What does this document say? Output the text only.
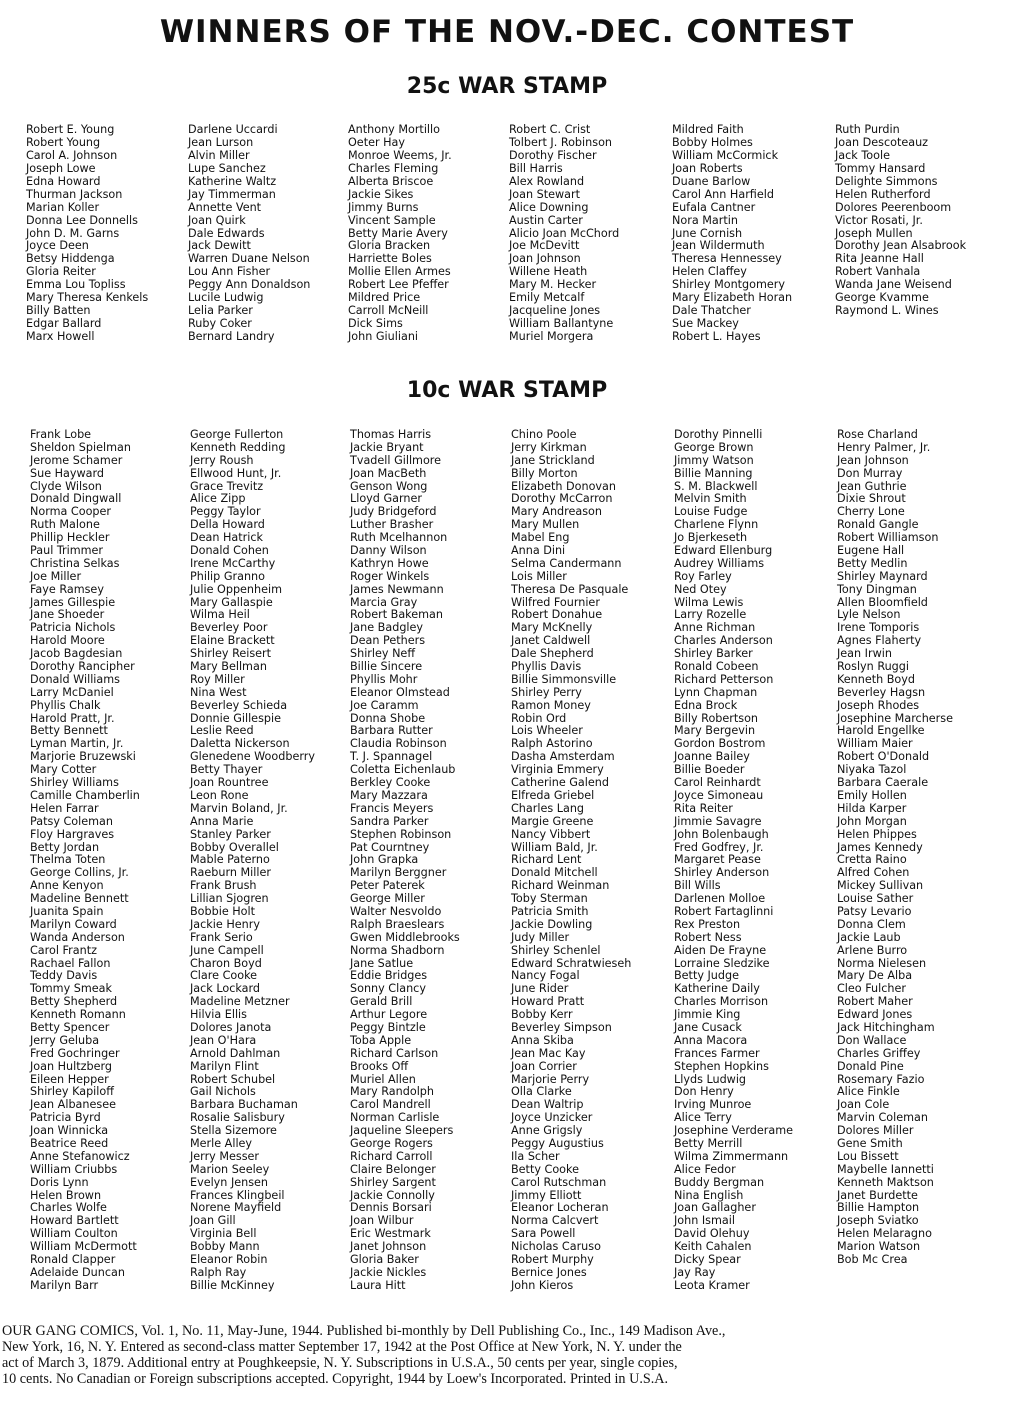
WINNERS OF THE NOV.-DEC. CONTEST
25c WAR STAMP
Robert E. Young
Robert Young
Carol A. Johnson
Joseph Lowe
Edna Howard
Thurman Jackson
Marian Koller
Donna Lee Donnells
John D. M. Garns
Joyce Deen
Betsy Hiddenga
Gloria Reiter
Emma Lou Topliss
Mary Theresa Kenkels
Billy Batten
Edgar Ballard
Marx Howell
Darlene Uccardi
Jean Lurson
Alvin Miller
Lupe Sanchez
Katherine Waltz
Jay Timmerman
Annette Vent
Joan Quirk
Dale Edwards
Jack Dewitt
Warren Duane Nelson
Lou Ann Fisher
Peggy Ann Donaldson
Lucile Ludwig
Lelia Parker
Ruby Coker
Bernard Landry
Anthony Mortillo
Oeter Hay
Monroe Weems, Jr.
Charles Fleming
Alberta Briscoe
Jackie Sikes
Jimmy Burns
Vincent Sample
Betty Marie Avery
Gloria Bracken
Harriette Boles
Mollie Ellen Armes
Robert Lee Pfeffer
Mildred Price
Carroll McNeill
Dick Sims
John Giuliani
Robert C. Crist
Tolbert J. Robinson
Dorothy Fischer
Bill Harris
Alex Rowland
Joan Stewart
Alice Downing
Austin Carter
Alicio Joan McChord
Joe McDevitt
Joan Johnson
Willene Heath
Mary M. Hecker
Emily Metcalf
Jacqueline Jones
William Ballantyne
Muriel Morgera
Mildred Faith
Bobby Holmes
William McCormick
Joan Roberts
Duane Barlow
Carol Ann Harfield
Eufala Cantner
Nora Martin
June Cornish
Jean Wildermuth
Theresa Hennessey
Helen Claffey
Shirley Montgomery
Mary Elizabeth Horan
Dale Thatcher
Sue Mackey
Robert L. Hayes
Ruth Purdin
Joan Descoteauz
Jack Toole
Tommy Hansard
Delighte Simmons
Helen Rutherford
Dolores Peerenboom
Victor Rosati, Jr.
Joseph Mullen
Dorothy Jean Alsabrook
Rita Jeanne Hall
Robert Vanhala
Wanda Jane Weisend
George Kvamme
Raymond L. Wines
10c WAR STAMP
Frank Lobe
Sheldon Spielman
Jerome Schamer
Sue Hayward
Clyde Wilson
Donald Dingwall
Norma Cooper
Ruth Malone
Phillip Heckler
Paul Trimmer
Christina Selkas
Joe Miller
Faye Ramsey
James Gillespie
Jane Shoeder
Patricia Nichols
Harold Moore
Jacob Bagdesian
Dorothy Rancipher
Donald Williams
Larry McDaniel
Phyllis Chalk
Harold Pratt, Jr.
Betty Bennett
Lyman Martin, Jr.
Marjorie Bruzewski
Mary Cotter
Shirley Williams
Camille Chamberlin
Helen Farrar
Patsy Coleman
Floy Hargraves
Betty Jordan
Thelma Toten
George Collins, Jr.
Anne Kenyon
Madeline Bennett
Juanita Spain
Marilyn Coward
Wanda Anderson
Carol Frantz
Rachael Fallon
Teddy Davis
Tommy Smeak
Betty Shepherd
Kenneth Romann
Betty Spencer
Jerry Geluba
Fred Gochringer
Joan Hultzberg
Eileen Hepper
Shirley Kapiloff
Jean Albanesee
Patricia Byrd
Joan Winnicka
Beatrice Reed
Anne Stefanowicz
William Criubbs
Doris Lynn
Helen Brown
Charles Wolfe
Howard Bartlett
William Coulton
William McDermott
Ronald Clapper
Adelaide Duncan
Marilyn Barr
George Fullerton
Kenneth Redding
Jerry Roush
Ellwood Hunt, Jr.
Grace Trevitz
Alice Zipp
Peggy Taylor
Della Howard
Dean Hatrick
Donald Cohen
Irene McCarthy
Philip Granno
Julie Oppenheim
Mary Gallaspie
Wilma Heil
Beverley Poor
Elaine Brackett
Shirley Reisert
Mary Bellman
Roy Miller
Nina West
Beverley Schieda
Donnie Gillespie
Leslie Reed
Daletta Nickerson
Glenedene Woodberry
Betty Thayer
Joan Rountree
Leon Rone
Marvin Boland, Jr.
Anna Marie
Stanley Parker
Bobby Overallel
Mable Paterno
Raeburn Miller
Frank Brush
Lillian Sjogren
Bobbie Holt
Jackie Henry
Frank Serio
June Campell
Charon Boyd
Clare Cooke
Jack Lockard
Madeline Metzner
Hilvia Ellis
Dolores Janota
Jean O'Hara
Arnold Dahlman
Marilyn Flint
Robert Schubel
Gail Nichols
Barbara Buchaman
Rosalie Salisbury
Stella Sizemore
Merle Alley
Jerry Messer
Marion Seeley
Evelyn Jensen
Frances Klingbeil
Norene Mayfield
Joan Gill
Virginia Bell
Bobby Mann
Eleanor Robin
Ralph Ray
Billie McKinney
Thomas Harris
Jackie Bryant
Tvadell Gillmore
Joan MacBeth
Genson Wong
Lloyd Garner
Judy Bridgeford
Luther Brasher
Ruth Mcelhannon
Danny Wilson
Kathryn Howe
Roger Winkels
James Newmann
Marcia Gray
Robert Bakeman
Jane Badgley
Dean Pethers
Shirley Neff
Billie Sincere
Phyllis Mohr
Eleanor Olmstead
Joe Caramm
Donna Shobe
Barbara Rutter
Claudia Robinson
T. J. Spannagel
Coletta Eichenlaub
Berkley Cooke
Mary Mazzara
Francis Meyers
Sandra Parker
Stephen Robinson
Pat Courntney
John Grapka
Marilyn Berggner
Peter Paterek
George Miller
Walter Nesvoldo
Ralph Braeslears
Gwen Middlebrooks
Norma Shadborn
Jane Satlue
Eddie Bridges
Sonny Clancy
Gerald Brill
Arthur Legore
Peggy Bintzle
Toba Apple
Richard Carlson
Brooks Off
Muriel Allen
Mary Randolph
Carol Mandrell
Norman Carlisle
Jaqueline Sleepers
George Rogers
Richard Carroll
Claire Belonger
Shirley Sargent
Jackie Connolly
Dennis Borsari
Joan Wilbur
Eric Westmark
Janet Johnson
Gloria Baker
Jackie Nickles
Laura Hitt
Chino Poole
Jerry Kirkman
Jane Strickland
Billy Morton
Elizabeth Donovan
Dorothy McCarron
Mary Andreason
Mary Mullen
Mabel Eng
Anna Dini
Selma Candermann
Lois Miller
Theresa De Pasquale
Wilfred Fournier
Robert Donahue
Mary McKnelly
Janet Caldwell
Dale Shepherd
Phyllis Davis
Billie Simmonsville
Shirley Perry
Ramon Money
Robin Ord
Lois Wheeler
Ralph Astorino
Dasha Amsterdam
Virginia Emmery
Catherine Galend
Elfreda Griebel
Charles Lang
Margie Greene
Nancy Vibbert
William Bald, Jr.
Richard Lent
Donald Mitchell
Richard Weinman
Toby Sterman
Patricia Smith
Jackie Dowling
Judy Miller
Shirley Schenlel
Edward Schratwieseh
Nancy Fogal
June Rider
Howard Pratt
Bobby Kerr
Beverley Simpson
Anna Skiba
Jean Mac Kay
Joan Corrier
Marjorie Perry
Olla Clarke
Dean Waltrip
Joyce Unzicker
Anne Grigsly
Peggy Augustius
Ila Scher
Betty Cooke
Carol Rutschman
Jimmy Elliott
Eleanor Locheran
Norma Calcvert
Sara Powell
Nicholas Caruso
Robert Murphy
Bernice Jones
John Kieros
Dorothy Pinnelli
George Brown
Jimmy Watson
Billie Manning
S. M. Blackwell
Melvin Smith
Louise Fudge
Charlene Flynn
Jo Bjerkeseth
Edward Ellenburg
Audrey Williams
Roy Farley
Ned Otey
Wilma Lewis
Larry Rozelle
Anne Richman
Charles Anderson
Shirley Barker
Ronald Cobeen
Richard Petterson
Lynn Chapman
Edna Brock
Billy Robertson
Mary Bergevin
Gordon Bostrom
Joanne Bailey
Billie Boeder
Carol Reinhardt
Joyce Simoneau
Rita Reiter
Jimmie Savagre
John Bolenbaugh
Fred Godfrey, Jr.
Margaret Pease
Shirley Anderson
Bill Wills
Darlenen Molloe
Robert Fartaglinni
Rex Preston
Robert Ness
Aiden De Frayne
Lorraine Sledzike
Betty Judge
Katherine Daily
Charles Morrison
Jimmie King
Jane Cusack
Anna Macora
Frances Farmer
Stephen Hopkins
Llyds Ludwig
Don Henry
Irving Munroe
Alice Terry
Josephine Verderame
Betty Merrill
Wilma Zimmermann
Alice Fedor
Buddy Bergman
Nina English
Joan Gallagher
John Ismail
David Olehuy
Keith Cahalen
Dicky Spear
Jay Ray
Leota Kramer
Rose Charland
Henry Palmer, Jr.
Jean Johnson
Don Murray
Jean Guthrie
Dixie Shrout
Cherry Lone
Ronald Gangle
Robert Williamson
Eugene Hall
Betty Medlin
Shirley Maynard
Tony Dingman
Allen Bloomfield
Lyle Nelson
Irene Tomporis
Agnes Flaherty
Jean Irwin
Roslyn Ruggi
Kenneth Boyd
Beverley Hagsn
Joseph Rhodes
Josephine Marcherse
Harold Engellke
William Maier
Robert O'Donald
Niyaka Tazol
Barbara Caerale
Emily Hollen
Hilda Karper
John Morgan
Helen Phippes
James Kennedy
Cretta Raino
Alfred Cohen
Mickey Sullivan
Louise Sather
Patsy Levario
Donna Clem
Jackie Laub
Arlene Burro
Norma Nielesen
Mary De Alba
Cleo Fulcher
Robert Maher
Edward Jones
Jack Hitchingham
Don Wallace
Charles Griffey
Donald Pine
Rosemary Fazio
Alice Finkle
Joan Cole
Marvin Coleman
Dolores Miller
Gene Smith
Lou Bissett
Maybelle Iannetti
Kenneth Maktson
Janet Burdette
Billie Hampton
Joseph Sviatko
Helen Melaragno
Marion Watson
Bob Mc Crea
OUR GANG COMICS, Vol. 1, No. 11, May-June, 1944. Published bi-monthly by Dell Publishing Co., Inc., 149 Madison Ave.,
New York, 16, N. Y. Entered as second-class matter September 17, 1942 at the Post Office at New York, N. Y. under the
act of March 3, 1879. Additional entry at Poughkeepsie, N. Y. Subscriptions in U.S.A., 50 cents per year, single copies,
10 cents. No Canadian or Foreign subscriptions accepted. Copyright, 1944 by Loew's Incorporated. Printed in U.S.A.
